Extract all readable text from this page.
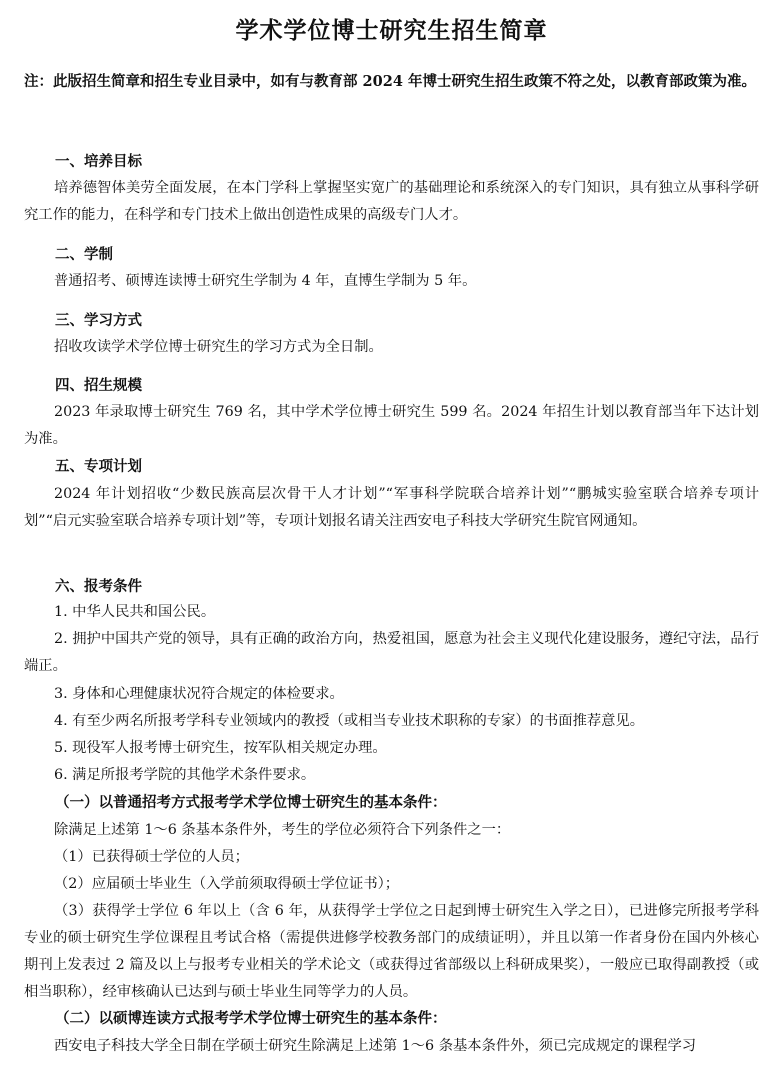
学术学位博士研究生招生简章

注：此版招生简章和招生专业目录中，如有与教育部 2024 年博士研究生招生政策不符之处，以教育部政策为准。

一、培养目标

培养德智体美劳全面发展，在本门学科上掌握坚实宽广的基础理论和系统深入的专门知识，具有独立从事科学研究工作的能力，在科学和专门技术上做出创造性成果的高级专门人才。

二、学制

普通招考、硕博连读博士研究生学制为 4 年，直博生学制为 5 年。

三、学习方式

招收攻读学术学位博士研究生的学习方式为全日制。

四、招生规模

2023 年录取博士研究生 769 名，其中学术学位博士研究生 599 名。2024 年招生计划以教育部当年下达计划为准。

五、专项计划

2024 年计划招收“少数民族高层次骨干人才计划”“军事科学院联合培养计划”“鹏城实验室联合培养专项计划”“启元实验室联合培养专项计划”等，专项计划报名请关注西安电子科技大学研究生院官网通知。

六、报考条件

1. 中华人民共和国公民。

2. 拥护中国共产党的领导，具有正确的政治方向，热爱祖国，愿意为社会主义现代化建设服务，遵纪守法，品行端正。

3. 身体和心理健康状况符合规定的体检要求。

4. 有至少两名所报考学科专业领域内的教授（或相当专业技术职称的专家）的书面推荐意见。

5. 现役军人报考博士研究生，按军队相关规定办理。

6. 满足所报考学院的其他学术条件要求。

（一）以普通招考方式报考学术学位博士研究生的基本条件：

除满足上述第 1～6 条基本条件外，考生的学位必须符合下列条件之一：

（1）已获得硕士学位的人员；

（2）应届硕士毕业生（入学前须取得硕士学位证书）；

（3）获得学士学位 6 年以上（含 6 年，从获得学士学位之日起到博士研究生入学之日），已进修完所报考学科专业的硕士研究生学位课程且考试合格（需提供进修学校教务部门的成绩证明），并且以第一作者身份在国内外核心期刊上发表过 2 篇及以上与报考专业相关的学术论文（或获得过省部级以上科研成果奖），一般应已取得副教授（或相当职称），经审核确认已达到与硕士毕业生同等学力的人员。

（二）以硕博连读方式报考学术学位博士研究生的基本条件：

西安电子科技大学全日制在学硕士研究生除满足上述第 1～6 条基本条件外，须已完成规定的课程学习
